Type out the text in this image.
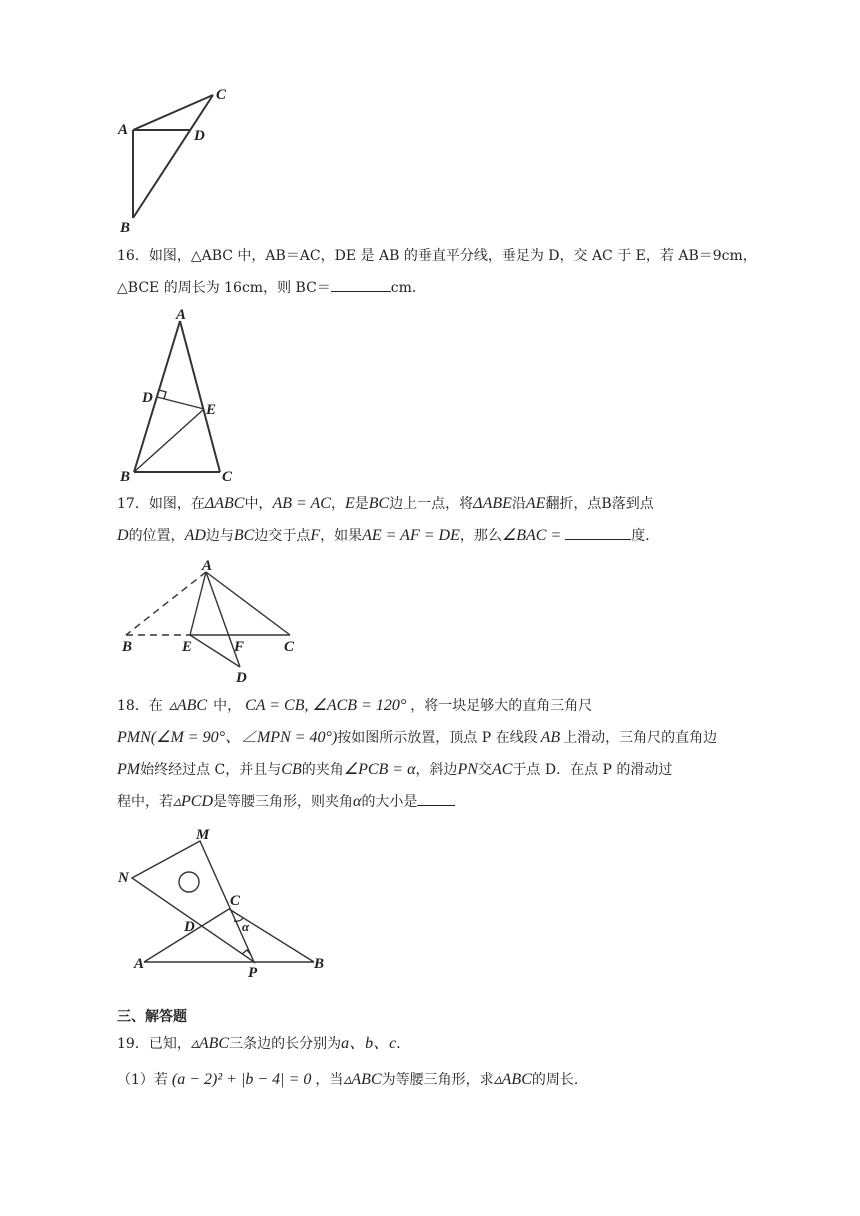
A
B
C
D
16．如图，△ABC 中，AB＝AC，DE 是 AB 的垂直平分线，垂足为 D，交 AC 于 E，若 AB＝9cm，
△BCE 的周长为 16cm，则 BC＝	cm．
A
B	C
D
E
17．如图，在ΔABC中，AB = AC，E是BC边上一点，将ΔABE沿AE翻折，点B落到点
D的位置，AD边与BC边交于点F，如果AE = AF = DE，那么∠BAC =	度．
A
B	E	F	C
D
18．在 ▵ABC 中， CA = CB, ∠ACB = 120° ，将一块足够大的直角三角尺
PMN(∠M = 90°、∠MPN = 40°)按如图所示放置，顶点 P 在线段 AB 上滑动，三角尺的直角边
PM始终经过点 C，并且与CB的夹角∠PCB = α，斜边PN交AC于点 D．在点 P 的滑动过
程中，若▵PCD是等腰三角形，则夹角α的大小是
M
N
C
α
D
A
P
B
三、解答题
19．已知，▵ABC三条边的长分别为a、b、c．
（1）若 (a − 2)² + |b − 4| = 0 ，当▵ABC为等腰三角形，求▵ABC的周长．
